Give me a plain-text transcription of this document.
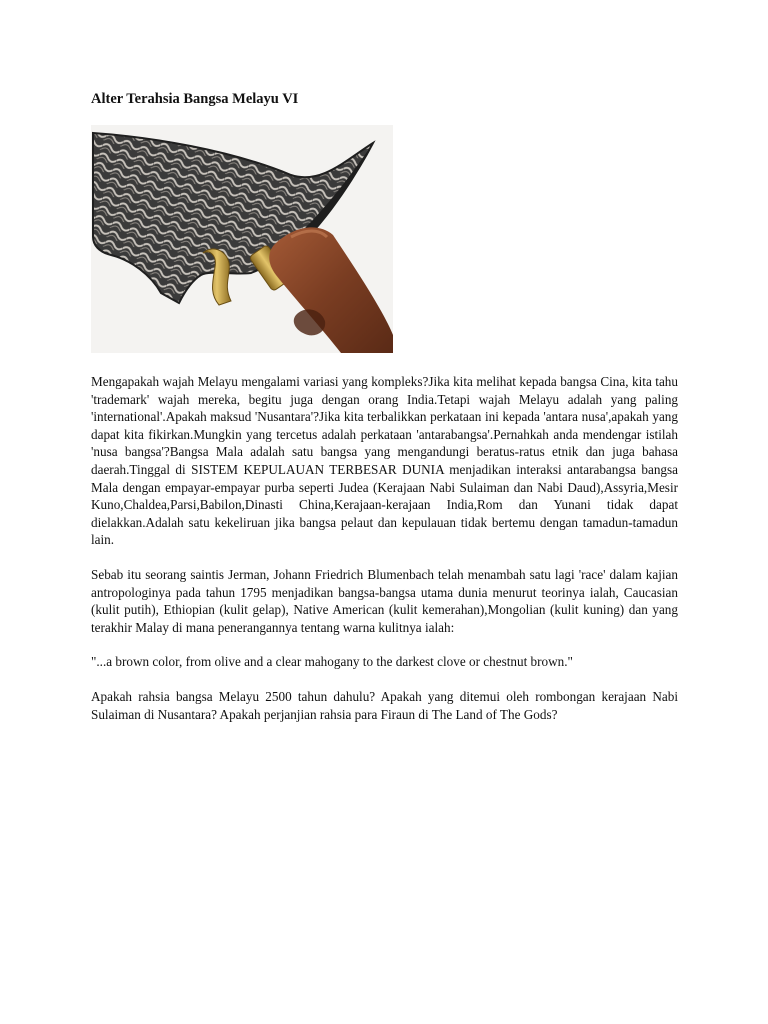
Alter Terahsia Bangsa Melayu VI

Mengapakah wajah Melayu mengalami variasi yang kompleks?Jika kita melihat kepada bangsa Cina, kita tahu 'trademark' wajah mereka, begitu juga dengan orang India.Tetapi wajah Melayu adalah yang paling 'international'.Apakah maksud 'Nusantara'?Jika kita terbalikkan perkataan ini kepada 'antara nusa',apakah yang dapat kita fikirkan.Mungkin yang tercetus adalah perkataan 'antarabangsa'.Pernahkah anda mendengar istilah 'nusa bangsa'?Bangsa Mala adalah satu bangsa yang mengandungi beratus-ratus etnik dan juga bahasa daerah.Tinggal di SISTEM KEPULAUAN TERBESAR DUNIA menjadikan interaksi antarabangsa bangsa Mala dengan empayar-empayar purba seperti Judea (Kerajaan Nabi Sulaiman dan Nabi Daud),Assyria,Mesir Kuno,Chaldea,Parsi,Babilon,Dinasti China,Kerajaan-kerajaan India,Rom dan Yunani tidak dapat dielakkan.Adalah satu kekeliruan jika bangsa pelaut dan kepulauan tidak bertemu dengan tamadun-tamadun lain.

Sebab itu seorang saintis Jerman, Johann Friedrich Blumenbach telah menambah satu lagi 'race' dalam kajian antropologinya pada tahun 1795 menjadikan bangsa-bangsa utama dunia menurut teorinya ialah, Caucasian (kulit putih), Ethiopian (kulit gelap), Native American (kulit kemerahan),Mongolian (kulit kuning) dan yang terakhir Malay di mana penerangannya tentang warna kulitnya ialah:

"...a brown color, from olive and a clear mahogany to the darkest clove or chestnut brown."

Apakah rahsia bangsa Melayu 2500 tahun dahulu? Apakah yang ditemui oleh rombongan kerajaan Nabi Sulaiman di Nusantara? Apakah perjanjian rahsia para Firaun di The Land of The Gods?
